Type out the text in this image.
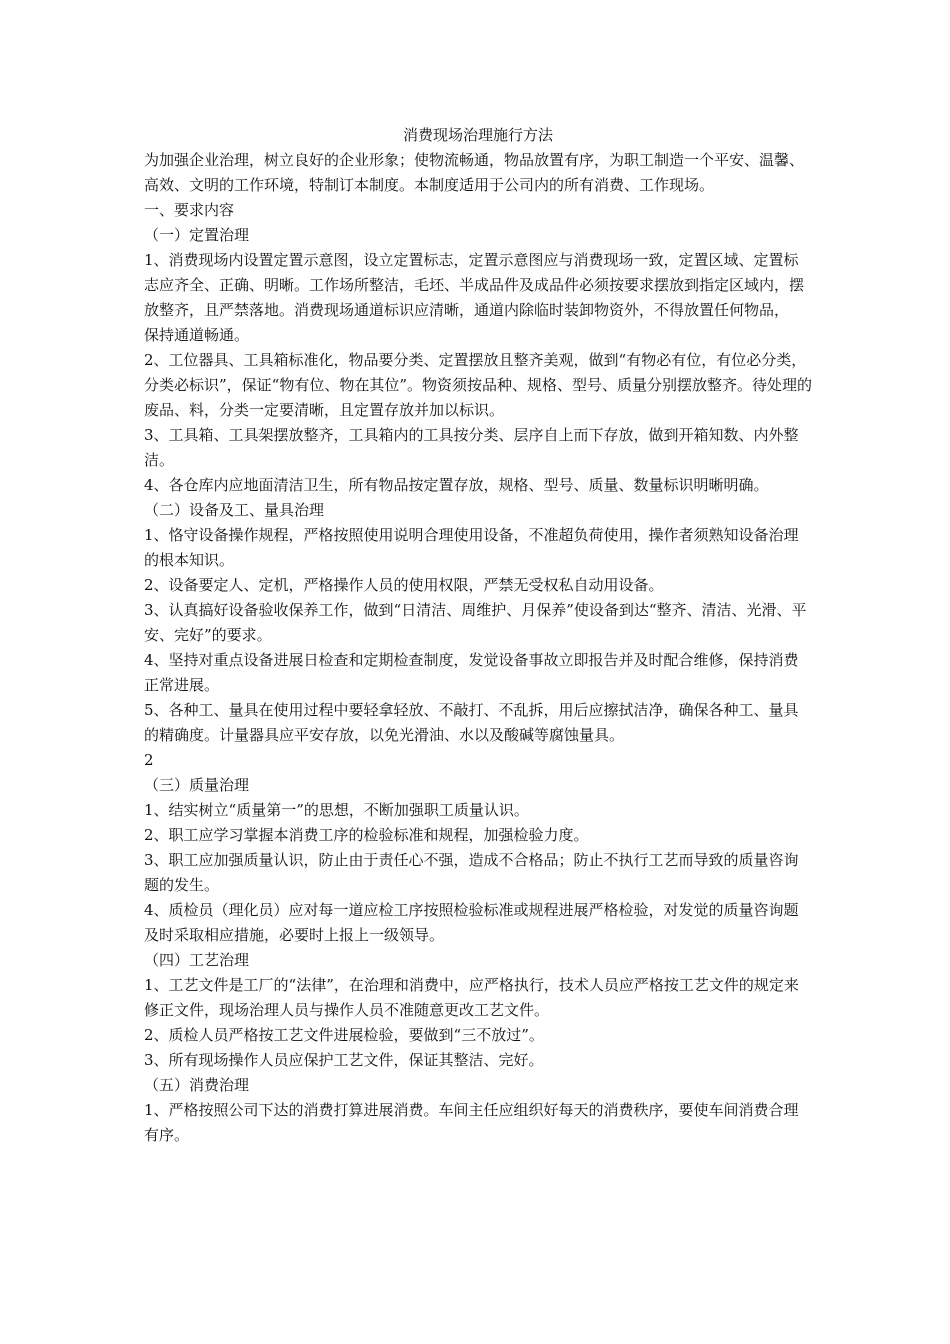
消费现场治理施行方法

为加强企业治理，树立良好的企业形象；使物流畅通，物品放置有序，为职工制造一个平安、温馨、高效、文明的工作环境，特制订本制度。本制度适用于公司内的所有消费、工作现场。

一、要求内容

（一）定置治理

1、消费现场内设置定置示意图，设立定置标志，定置示意图应与消费现场一致，定置区域、定置标志应齐全、正确、明晰。工作场所整洁，毛坯、半成品件及成品件必须按要求摆放到指定区域内，摆放整齐，且严禁落地。消费现场通道标识应清晰，通道内除临时装卸物资外，不得放置任何物品，

保持通道畅通。

2、工位器具、工具箱标准化，物品要分类、定置摆放且整齐美观，做到“有物必有位，有位必分类，分类必标识”，保证“物有位、物在其位”。物资须按品种、规格、型号、质量分别摆放整齐。待处理的废品、料，分类一定要清晰，且定置存放并加以标识。

3、工具箱、工具架摆放整齐，工具箱内的工具按分类、层序自上而下存放，做到开箱知数、内外整洁。

4、各仓库内应地面清洁卫生，所有物品按定置存放，规格、型号、质量、数量标识明晰明确。

（二）设备及工、量具治理

1、恪守设备操作规程，严格按照使用说明合理使用设备，不准超负荷使用，操作者须熟知设备治理的根本知识。

2、设备要定人、定机，严格操作人员的使用权限，严禁无受权私自动用设备。

3、认真搞好设备验收保养工作，做到“日清洁、周维护、月保养”使设备到达“整齐、清洁、光滑、平安、完好”的要求。

4、坚持对重点设备进展日检查和定期检查制度，发觉设备事故立即报告并及时配合维修，保持消费正常进展。

5、各种工、量具在使用过程中要轻拿轻放、不敲打、不乱拆，用后应擦拭洁净，确保各种工、量具的精确度。计量器具应平安存放，以免光滑油、水以及酸碱等腐蚀量具。

2

（三）质量治理

1、结实树立“质量第一”的思想，不断加强职工质量认识。

2、职工应学习掌握本消费工序的检验标准和规程，加强检验力度。

3、职工应加强质量认识，防止由于责任心不强，造成不合格品；防止不执行工艺而导致的质量咨询题的发生。

4、质检员（理化员）应对每一道应检工序按照检验标准或规程进展严格检验，对发觉的质量咨询题及时采取相应措施，必要时上报上一级领导。

（四）工艺治理

1、工艺文件是工厂的“法律”，在治理和消费中，应严格执行，技术人员应严格按工艺文件的规定来修正文件，现场治理人员与操作人员不准随意更改工艺文件。

2、质检人员严格按工艺文件进展检验，要做到“三不放过”。

3、所有现场操作人员应保护工艺文件，保证其整洁、完好。

（五）消费治理

1、严格按照公司下达的消费打算进展消费。车间主任应组织好每天的消费秩序，要使车间消费合理有序。
